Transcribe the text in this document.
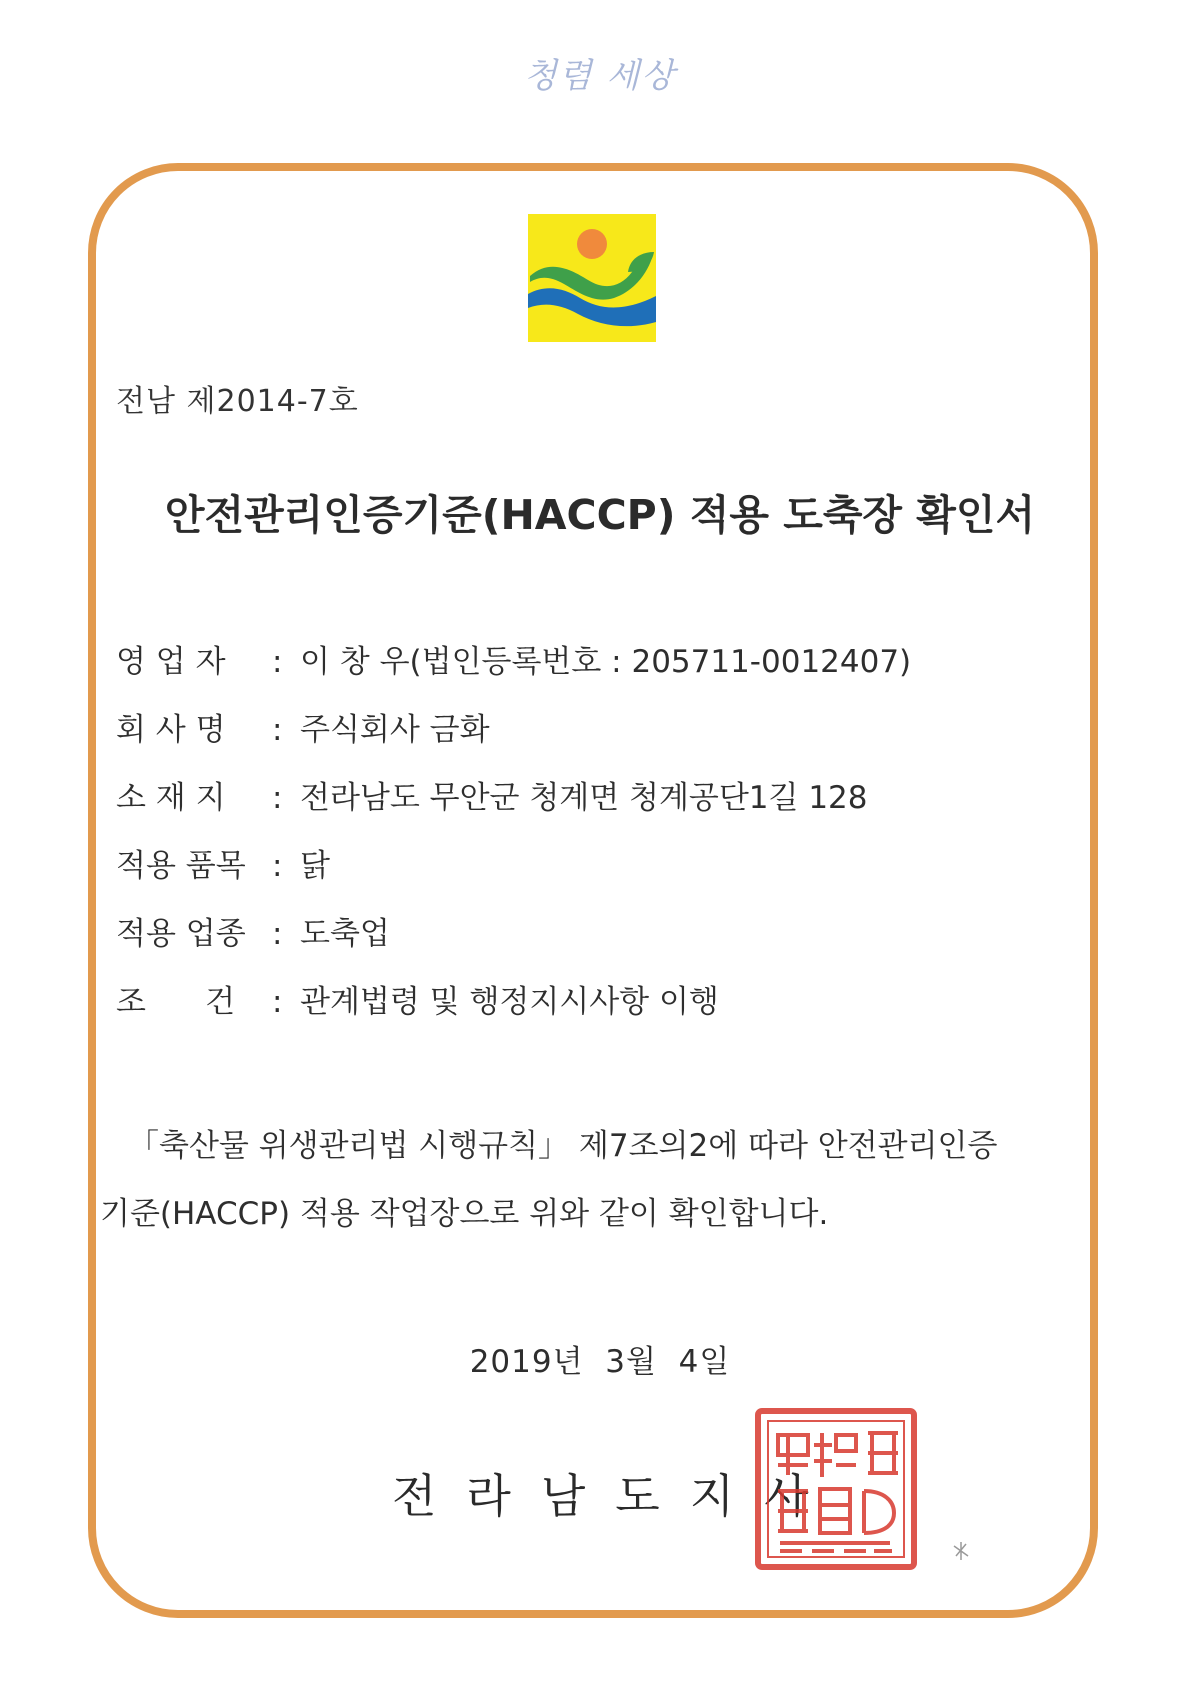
청렴 세상
전남 제2014-7호
안전관리인증기준(HACCP) 적용 도축장 확인서
영 업 자	: 이 창 우(법인등록번호 : 205711-0012407)
회 사 명	: 주식회사 금화
소 재 지	: 전라남도 무안군 청계면 청계공단1길 128
적용 품목 : 닭
적용 업종 : 도축업
조      건	: 관계법령 및 행정지시사항 이행
「축산물 위생관리법 시행규칙」 제7조의2에 따라 안전관리인증
기준(HACCP) 적용 작업장으로 위와 같이 확인합니다.
2019년  3월  4일
전라남도지사
